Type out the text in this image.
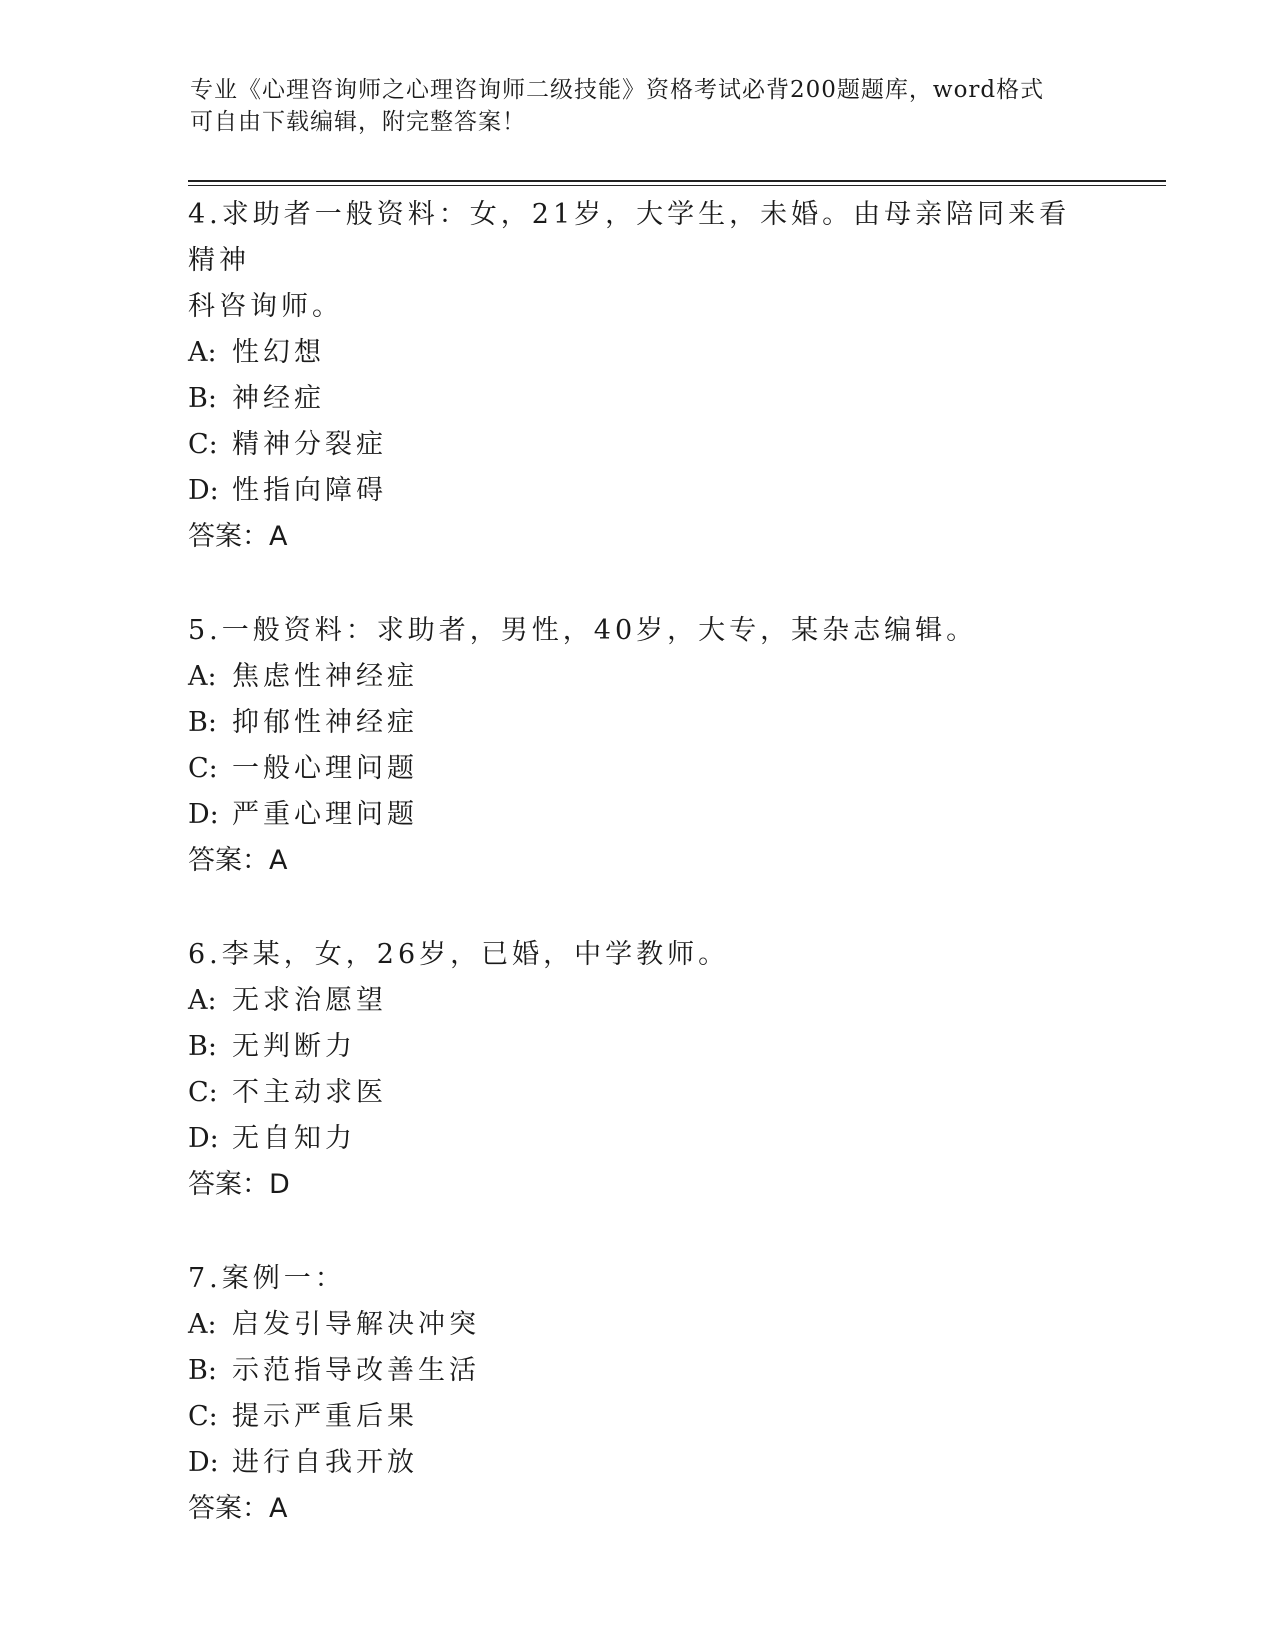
专业《心理咨询师之心理咨询师二级技能》资格考试必背200题题库，word格式
可自由下载编辑，附完整答案！

4.求助者一般资料：女，21岁，大学生，未婚。由母亲陪同来看精神

科咨询师。

A: 性幻想

B: 神经症

C: 精神分裂症

D: 性指向障碍

答案：A

5.一般资料：求助者，男性，40岁，大专，某杂志编辑。

A: 焦虑性神经症

B: 抑郁性神经症

C: 一般心理问题

D: 严重心理问题

答案：A

6.李某，女，26岁，已婚，中学教师。

A: 无求治愿望

B: 无判断力

C: 不主动求医

D: 无自知力

答案：D

7.案例一：

A: 启发引导解决冲突

B: 示范指导改善生活

C: 提示严重后果

D: 进行自我开放

答案：A
